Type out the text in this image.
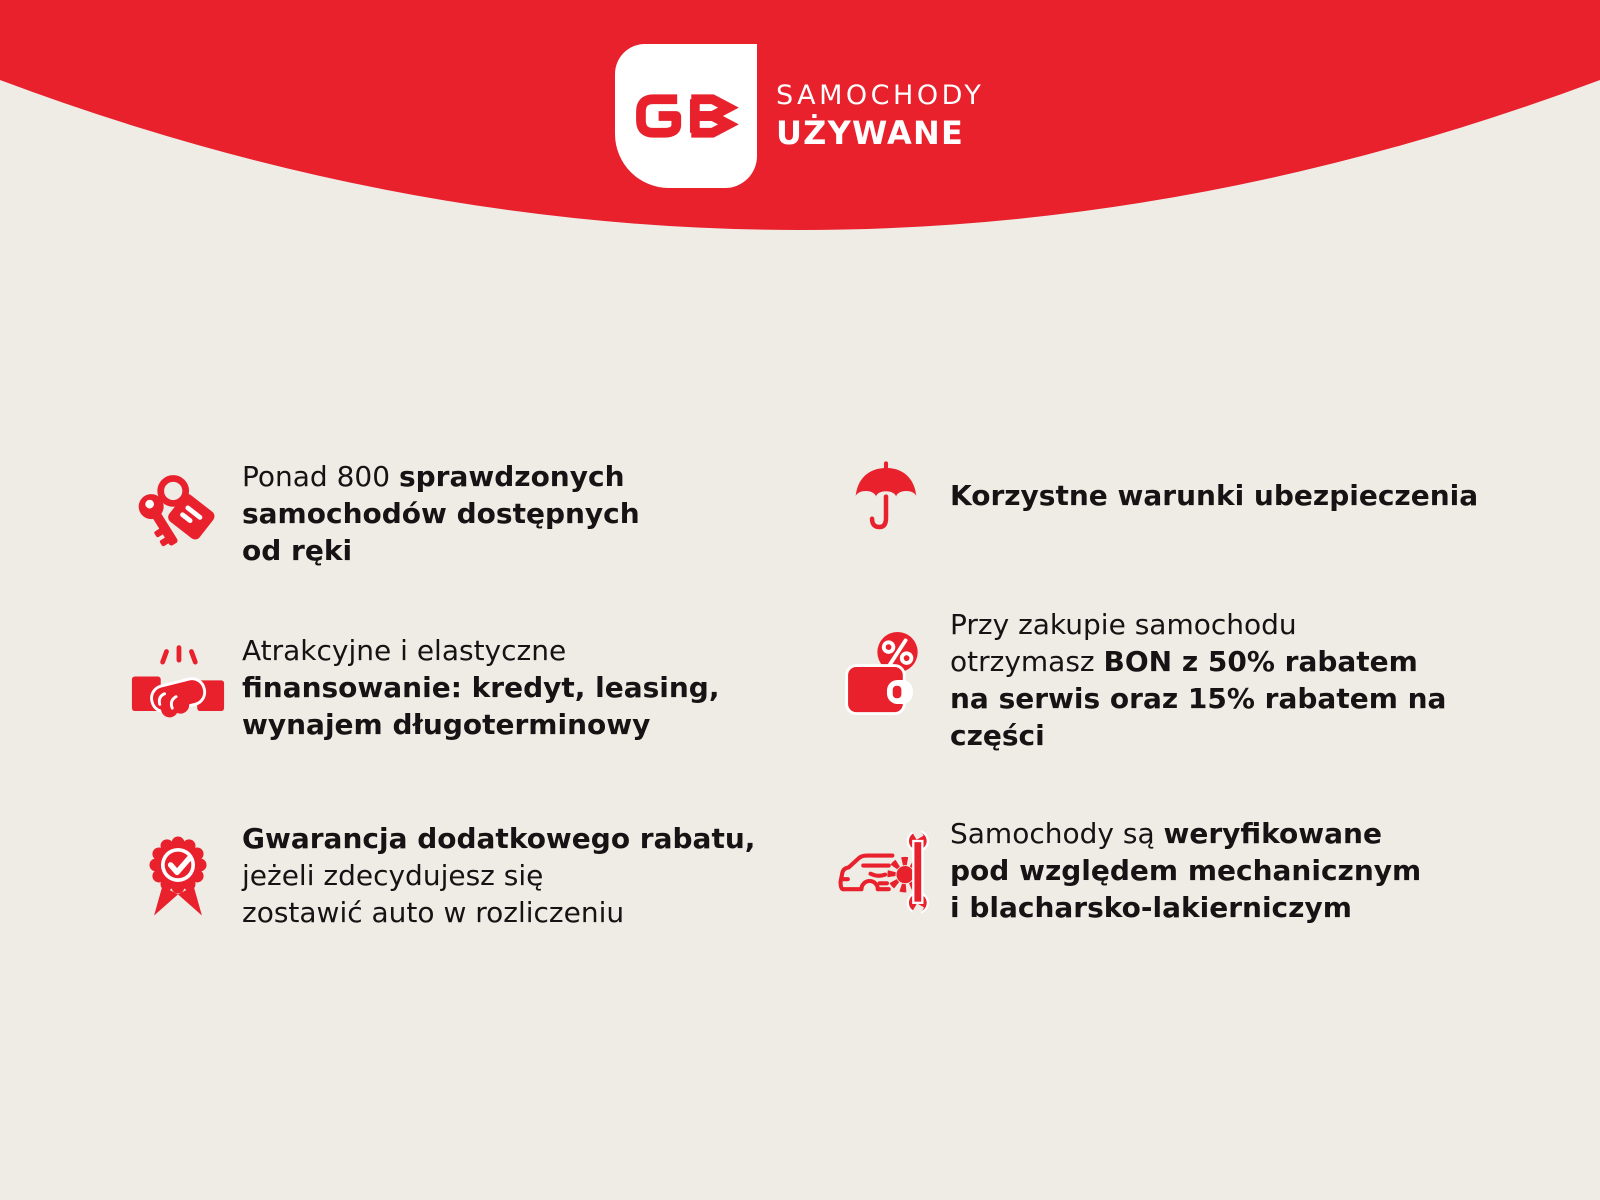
SAMOCHODY
UŻYWANE
Ponad 800 sprawdzonych
samochodów dostępnych
od ręki
Atrakcyjne i elastyczne
finansowanie: kredyt, leasing,
wynajem długoterminowy
Gwarancja dodatkowego rabatu,
jeżeli zdecydujesz się
zostawić auto w rozliczeniu
Korzystne warunki ubezpieczenia
Przy zakupie samochodu
otrzymasz BON z 50% rabatem
na serwis oraz 15% rabatem na
części
Samochody są weryfikowane
pod względem mechanicznym
i blacharsko-lakierniczym
